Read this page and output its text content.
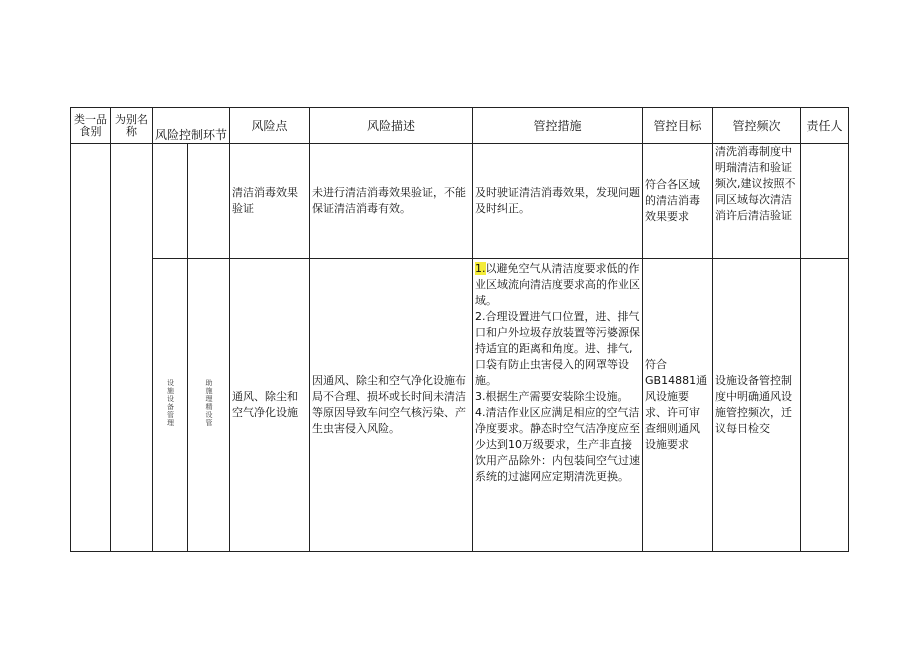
类一品食别	为别名称	风险控制环节		风险点	风险描述	管控措施	管控目标	管控频次	责任人
				清洁消毒效果验证	未进行清洁消毒效果验证，不能保证清洁消毒有效。	及时驶证清洁消毒效果，发现问题及时纠正。	符合各区域的清洁消毒效果要求	清洗消毒制度中明瑞清洁和验证频次,建议按照不同区域每次清洁消许后清洁验证	
		设施设备管理	助施理精设管	通风、除尘和空气净化设施	因通风、除尘和空气净化设施布局不合理、损坏或长时间未清洁等原因导致车问空气核污染、产生虫害侵入风险。	1.以避免空气从清洁度要求低的作业区域流向清洁度要求高的作业区域。
2.合理设置进气口位置，进、排气口和户外垃圾存放装置等污婆源保持适宜的距离和角度。进、排气,口袋有防止虫害侵入的网罩等设施。
3.根据生产需要安装除尘设施。
4.清洁作业区应满足相应的空气洁净度要求。静态时空气洁净度应至少达到10万级要求，生产非直接饮用产品除外：内包装间空气过速系统的过滤网应定期清洗更换。	符合GB14881通风设施要求、许可审查细则通风设施要求	设施设备管控制度中明确通风设施管控频次，迁议每日检交	
